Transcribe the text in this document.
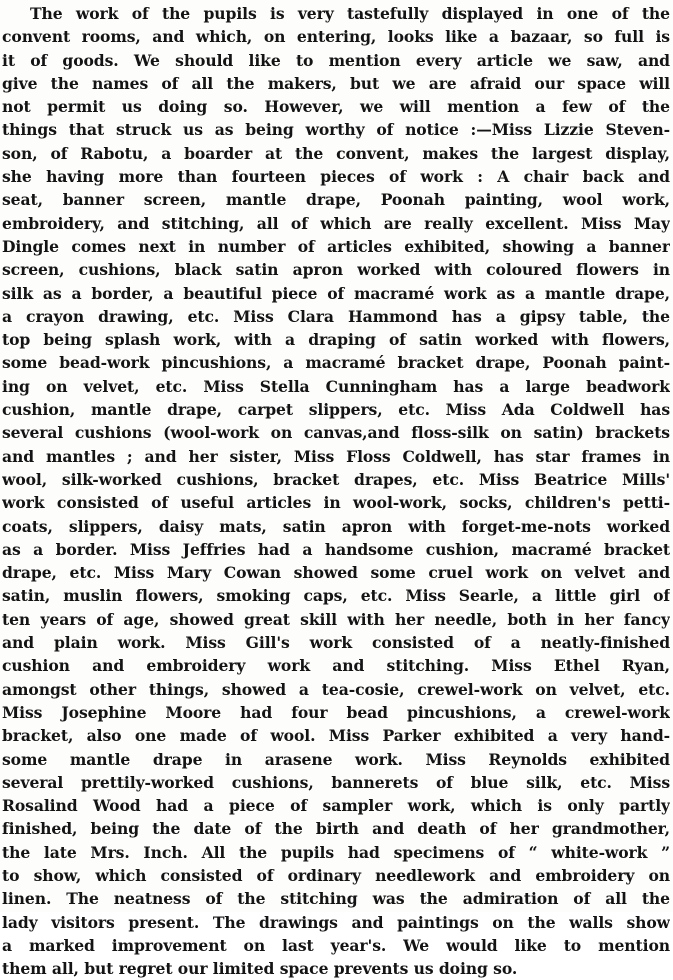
The work of the pupils is very tastefully displayed in one of the
convent rooms, and which, on entering, looks like a bazaar, so full is
it of goods. We should like to mention every article we saw, and
give the names of all the makers, but we are afraid our space will
not permit us doing so. However, we will mention a few of the
things that struck us as being worthy of notice :—Miss Lizzie Steven-
son, of Rabotu, a boarder at the convent, makes the largest display,
she having more than fourteen pieces of work : A chair back and
seat, banner screen, mantle drape, Poonah painting, wool work,
embroidery, and stitching, all of which are really excellent. Miss May
Dingle comes next in number of articles exhibited, showing a banner
screen, cushions, black satin apron worked with coloured flowers in
silk as a border, a beautiful piece of macramé work as a mantle drape,
a crayon drawing, etc. Miss Clara Hammond has a gipsy table, the
top being splash work, with a draping of satin worked with flowers,
some bead-work pincushions, a macramé bracket drape, Poonah paint-
ing on velvet, etc. Miss Stella Cunningham has a large beadwork
cushion, mantle drape, carpet slippers, etc. Miss Ada Coldwell has
several cushions (wool-work on canvas,and floss-silk on satin) brackets
and mantles ; and her sister, Miss Floss Coldwell, has star frames in
wool, silk-worked cushions, bracket drapes, etc. Miss Beatrice Mills'
work consisted of useful articles in wool-work, socks, children's petti-
coats, slippers, daisy mats, satin apron with forget-me-nots worked
as a border. Miss Jeffries had a handsome cushion, macramé bracket
drape, etc. Miss Mary Cowan showed some cruel work on velvet and
satin, muslin flowers, smoking caps, etc. Miss Searle, a little girl of
ten years of age, showed great skill with her needle, both in her fancy
and plain work. Miss Gill's work consisted of a neatly-finished
cushion and embroidery work and stitching. Miss Ethel Ryan,
amongst other things, showed a tea-cosie, crewel-work on velvet, etc.
Miss Josephine Moore had four bead pincushions, a crewel-work
bracket, also one made of wool. Miss Parker exhibited a very hand-
some mantle drape in arasene work. Miss Reynolds exhibited
several prettily-worked cushions, bannerets of blue silk, etc. Miss
Rosalind Wood had a piece of sampler work, which is only partly
finished, being the date of the birth and death of her grandmother,
the late Mrs. Inch. All the pupils had specimens of “ white-work ”
to show, which consisted of ordinary needlework and embroidery on
linen. The neatness of the stitching was the admiration of all the
lady visitors present. The drawings and paintings on the walls show
a marked improvement on last year's. We would like to mention
them all, but regret our limited space prevents us doing so.
